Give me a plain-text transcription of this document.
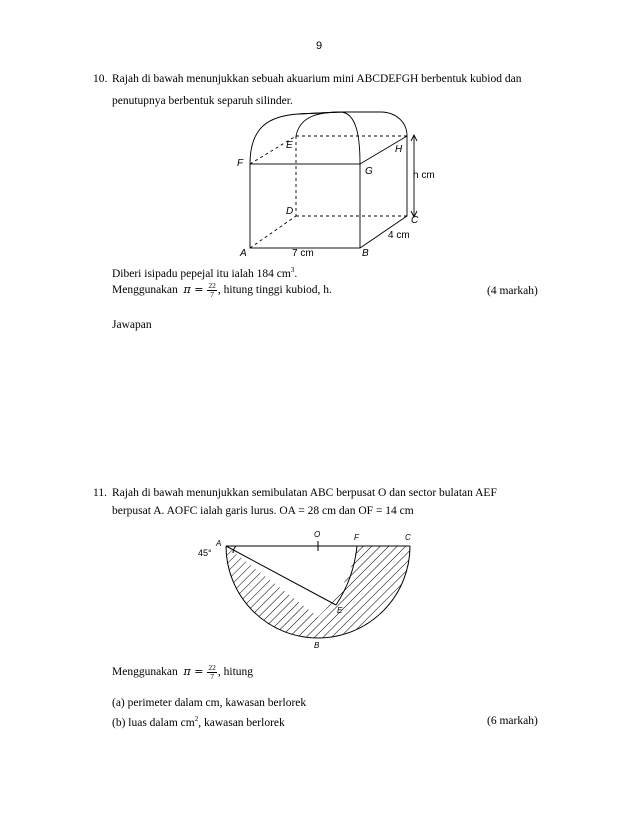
9
10. Rajah di bawah menunjukkan sebuah akuarium mini ABCDEFGH berbentuk kubiod dan
penutupnya berbentuk separuh silinder.
A	B
C
D
E
F
G
H
7 cm
4 cm
h cm
Diberi isipadu pepejal itu ialah 184 $cm^3$.
Menggunakan $\pi = \frac{22}{7}$ , hitung tinggi kubiod, h.	(4 markah)
Jawapan
11. Rajah di bawah menunjukkan semibulatan ABC berpusat O dan sector bulatan AEF
berpusat A. AOFC ialah garis lurus. OA = 28 cm dan OF = 14 cm
A
O	F	C
E
B
45°
Menggunakan $\pi = \frac{22}{7}$ , hitung
(a) perimeter dalam cm, kawasan berlorek
(b) luas dalam $cm^2$, kawasan berlorek	(6 markah)
